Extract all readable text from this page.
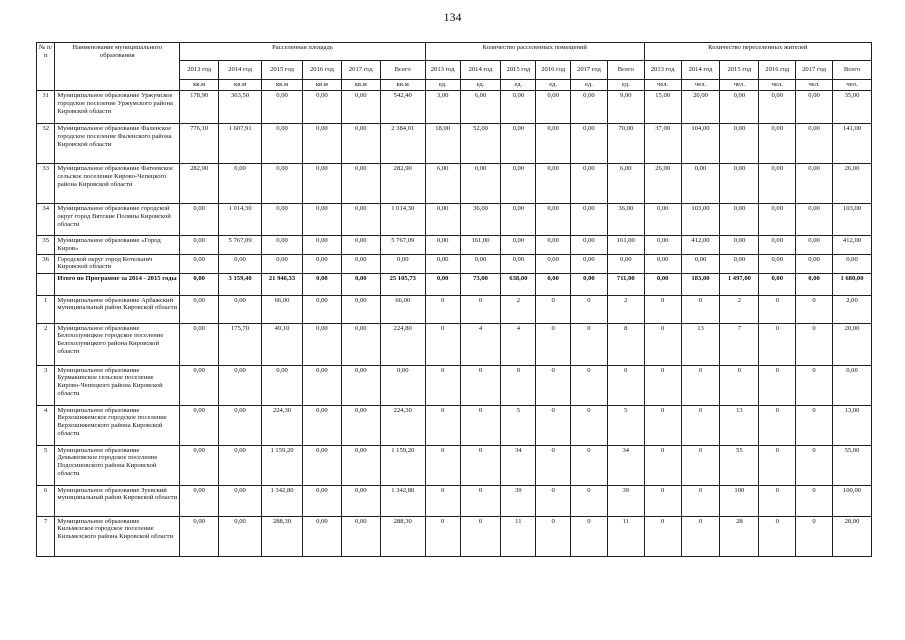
134
№ п/п	Наименование муниципального образования	Расселенная площадь						Количество расселенных помещений						Количество переселенных жителей					
		2013 год	2014 год	2015 год	2016 год	2017 год	Всего	2013 год	2014 год	2015 год	2016 год	2017 год	Всего	2013 год	2014 год	2015 год	2016 год	2017 год	Всего
		кв.м	кв.м	кв.м	кв.м	кв.м	кв.м	ед.	ед.	ед.	ед.	ед.	ед.	чел.	чел.	чел.	чел.	чел.	чел.
31	Муниципальное образование Уржумское городское поселение Уржумского района Кировской области	178,90	363,50	0,00	0,00	0,00	542,40	3,00	6,00	0,00	0,00	0,00	9,00	15,00	20,00	0,00	0,00	0,00	35,00
32	Муниципальное образование Фаленское городское поселение Фаленского района Кировской области	776,10	1 607,91	0,00	0,00	0,00	2 384,01	18,00	52,00	0,00	0,00	0,00	70,00	37,00	104,00	0,00	0,00	0,00	141,00
33	Муниципальное образование Фатеевское сельское поселение Кирово-Чепецкого района Кировской области	282,90	0,00	0,00	0,00	0,00	282,90	6,00	0,00	0,00	0,00	0,00	6,00	26,00	0,00	0,00	0,00	0,00	26,00
34	Муниципальное образование городской округ город Вятские Поляны Кировской области	0,00	1 014,30	0,00	0,00	0,00	1 014,30	0,00	36,00	0,00	0,00	0,00	36,00	0,00	103,00	0,00	0,00	0,00	103,00
35	Муниципальное образование «Город Киров»	0,00	5 767,09	0,00	0,00	0,00	5 767,09	0,00	161,00	0,00	0,00	0,00	161,00	0,00	412,00	0,00	0,00	0,00	412,00
36	Городской округ город Котельнич Кировской области	0,00	0,00	0,00	0,00	0,00	0,00	0,00	0,00	0,00	0,00	0,00	0,00	0,00	0,00	0,00	0,00	0,00	0,00
	Итого по Программе за 2014 - 2015 годы	0,00	3 159,40	21 946,33	0,00	0,00	25 105,73	0,00	73,00	638,00	0,00	0,00	711,00	0,00	183,00	1 497,00	0,00	0,00	1 680,00
1	Муниципальное образование Арбажский муниципальный район Кировской области	0,00	0,00	66,00	0,00	0,00	66,00	0	0	2	0	0	2	0	0	2	0	0	2,00
2	Муниципальное образование Белохолуницкое городское поселение Белохолуницкого района Кировской области	0,00	175,70	49,10	0,00	0,00	224,80	0	4	4	0	0	8	0	13	7	0	0	20,00
3	Муниципальное образование Бурмакинское сельское поселение Кирово-Чепецкого района Кировской области	0,00	0,00	0,00	0,00	0,00	0,00	0	0	0	0	0	0	0	0	0	0	0	0,00
4	Муниципальное образование Верхошижемское городское поселение Верхошижемского района Кировской области	0,00	0,00	224,30	0,00	0,00	224,30	0	0	5	0	0	5	0	0	13	0	0	13,00
5	Муниципальное образование Демьяновское городское поселение Подосиновского района Кировской области	0,00	0,00	1 159,20	0,00	0,00	1 159,20	0	0	34	0	0	34	0	0	55	0	0	55,00
6	Муниципальное образование Зуевский муниципальный район Кировской области	0,00	0,00	1 342,80	0,00	0,00	1 342,80	0	0	39	0	0	39	0	0	100	0	0	100,00
7	Муниципальное образование Кильмезское городское поселение Кильмезского района Кировской области	0,00	0,00	288,30	0,00	0,00	288,30	0	0	11	0	0	11	0	0	28	0	0	28,00
